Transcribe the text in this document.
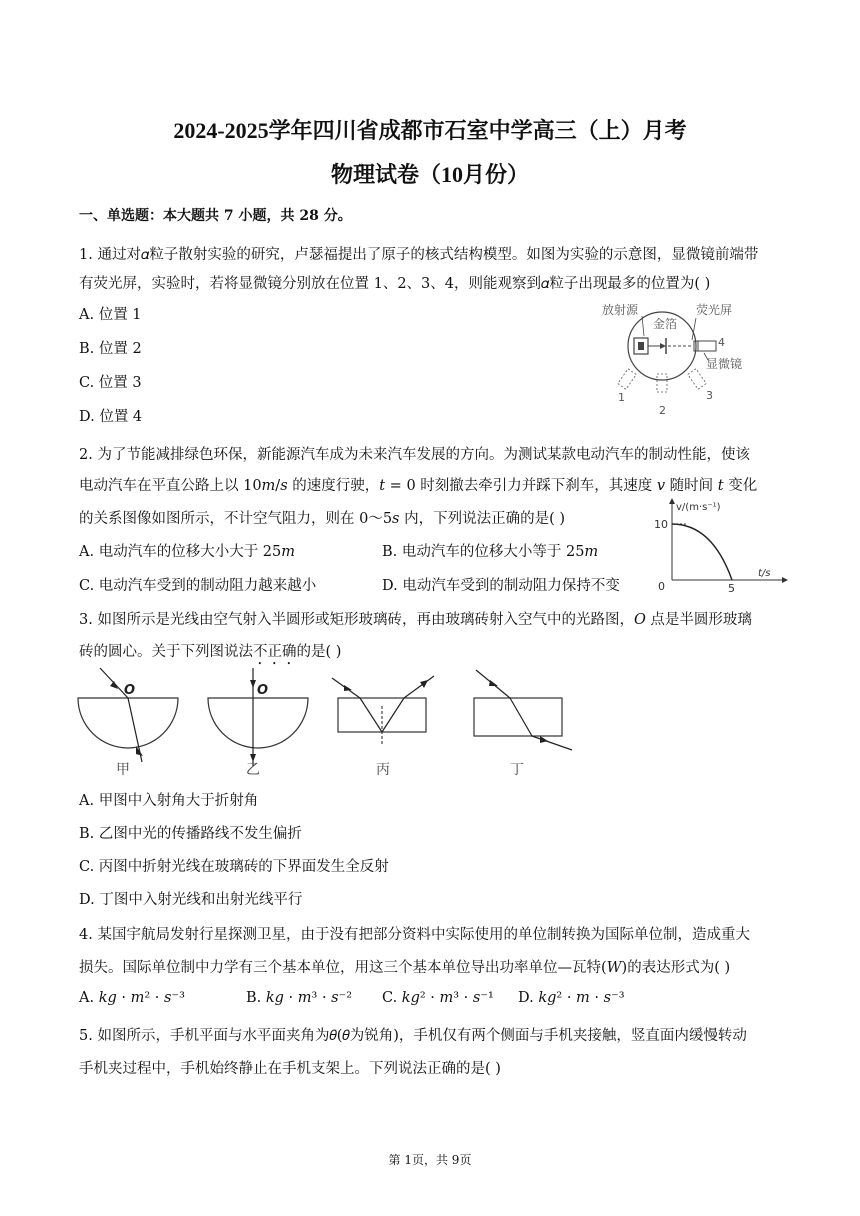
2024-2025学年四川省成都市石室中学高三（上）月考
物理试卷（10月份）
一、单选题：本大题共 7 小题，共 28 分。
1. 通过对𝛼粒子散射实验的研究，卢瑟福提出了原子的核式结构模型。如图为实验的示意图，显微镜前端带
有荧光屏，实验时，若将显微镜分别放在位置 1、2、3、4，则能观察到𝛼粒子出现最多的位置为( )
A. 位置 1
B. 位置 2
C. 位置 3
D. 位置 4
放射源
金箔
荧光屏
显微镜
1
2
3
4
2. 为了节能减排绿色环保，新能源汽车成为未来汽车发展的方向。为测试某款电动汽车的制动性能，使该
电动汽车在平直公路上以 10𝑚/𝑠 的速度行驶，𝑡 = 0 时刻撤去牵引力并踩下刹车，其速度 𝑣 随时间 𝑡 变化
的关系图像如图所示，不计空气阻力，则在 0～5𝑠 内，下列说法正确的是( )
A. 电动汽车的位移大小大于 25𝑚	B. 电动汽车的位移大小等于 25𝑚
C. 电动汽车受到的制动阻力越来越小	D. 电动汽车受到的制动阻力保持不变
v/(m·s⁻¹)
10
0	5
t/s
3. 如图所示是光线由空气射入半圆形或矩形玻璃砖，再由玻璃砖射入空气中的光路图，𝑂 点是半圆形玻璃
砖的圆心。关于下列图说法不正确的是( )
O
甲
O
乙	丙	丁
A. 甲图中入射角大于折射角
B. 乙图中光的传播路线不发生偏折
C. 丙图中折射光线在玻璃砖的下界面发生全反射
D. 丁图中入射光线和出射光线平行
4. 某国宇航局发射行星探测卫星，由于没有把部分资料中实际使用的单位制转换为国际单位制，造成重大
损失。国际单位制中力学有三个基本单位，用这三个基本单位导出功率单位—瓦特(𝑊)的表达形式为( )
A. 𝑘𝑔 · 𝑚² · 𝑠⁻³	B. 𝑘𝑔 · 𝑚³ · 𝑠⁻² C. 𝑘𝑔² · 𝑚³ · 𝑠⁻¹ D. 𝑘𝑔² · 𝑚 · 𝑠⁻³
5. 如图所示，手机平面与水平面夹角为𝜃(𝜃为锐角)，手机仅有两个侧面与手机夹接触，竖直面内缓慢转动
手机夹过程中，手机始终静止在手机支架上。下列说法正确的是( )
第 1页，共 9页
